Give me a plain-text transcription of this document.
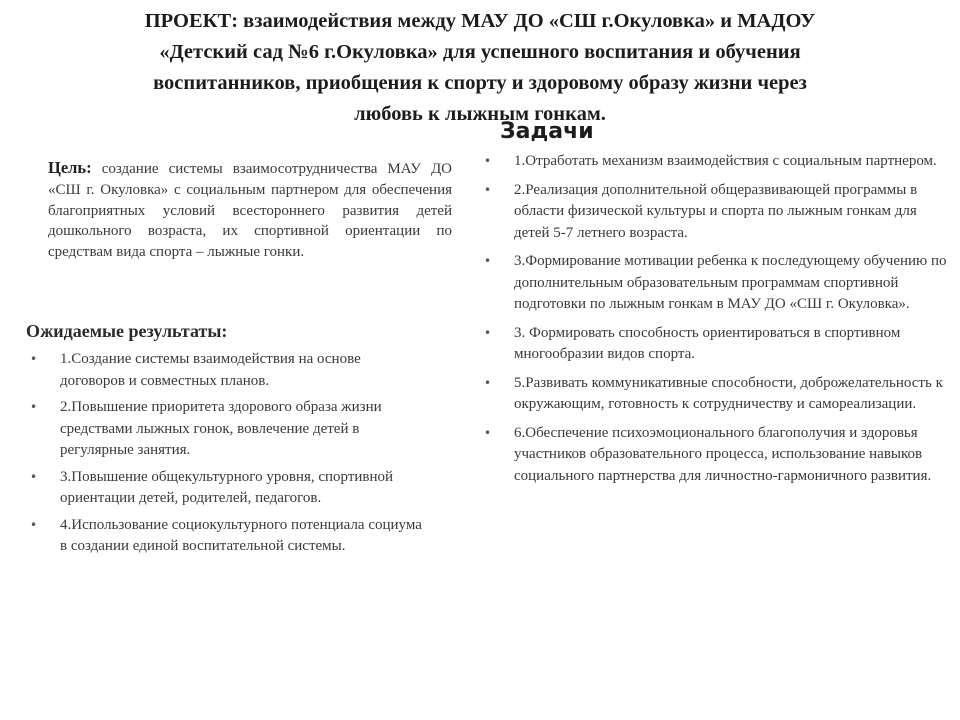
ПРОЕКТ: взаимодействия между МАУ ДО «СШ г.Окуловка» и МАДОУ
«Детский сад №6 г.Окуловка» для успешного воспитания и обучения
воспитанников, приобщения к спорту и здоровому образу жизни через
любовь к лыжным гонкам.
Задачи

Цель: создание системы взаимосотрудничества МАУ ДО «СШ г. Окуловка» с социальным партнером для обеспечения благоприятных условий всестороннего развития детей дошкольного возраста, их спортивной ориентации по средствам вида спорта – лыжные гонки.

Ожидаемые результаты:
• 1.Создание системы взаимодействия на основе договоров и совместных планов.
• 2.Повышение приоритета здорового образа жизни средствами лыжных гонок, вовлечение детей в регулярные занятия.
• 3.Повышение общекультурного уровня, спортивной ориентации детей, родителей, педагогов.
• 4.Использование социокультурного потенциала социума в создании единой воспитательной системы.
• 1.Отработать механизм взаимодействия с социальным партнером.
• 2.Реализация дополнительной общеразвивающей программы в области физической культуры и спорта по лыжным гонкам для детей 5-7 летнего возраста.
• 3.Формирование мотивации ребенка к последующему обучению по дополнительным образовательным программам спортивной подготовки по лыжным гонкам в МАУ ДО «СШ г. Окуловка».
• 3. Формировать способность ориентироваться в спортивном многообразии видов спорта.
• 5.Развивать коммуникативные способности, доброжелательность к окружающим, готовность к сотрудничеству и самореализации.
• 6.Обеспечение психоэмоционального благополучия и здоровья участников образовательного процесса, использование навыков социального партнерства для личностно-гармоничного развития.
